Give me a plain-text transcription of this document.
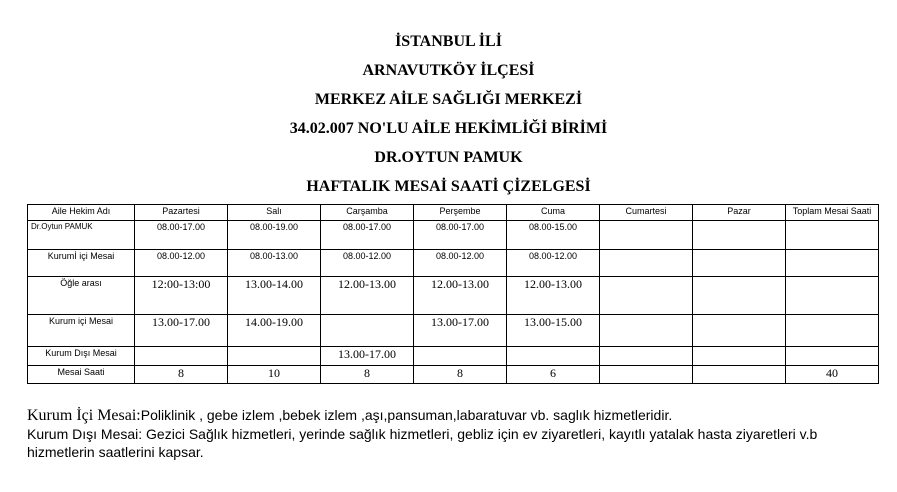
İSTANBUL İLİ
ARNAVUTKÖY İLÇESİ
MERKEZ AİLE SAĞLIĞI MERKEZİ
34.02.007 NO'LU AİLE HEKİMLİĞİ BİRİMİ
DR.OYTUN PAMUK
HAFTALIK MESAİ SAATİ ÇİZELGESİ
Aile Hekim Adı	Pazartesi	Salı	Carşamba	Perşembe	Cuma	Cumartesi	Pazar	Toplam Mesai Saati
Dr.Oytun PAMUK	08.00-17.00	08.00-19.00	08.00-17.00	08.00-17.00	08.00-15.00			
Kurumİ içi Mesai	08.00-12.00	08.00-13.00	08.00-12.00	08.00-12.00	08.00-12.00			
Öğle arası	12:00-13:00	13.00-14.00	12.00-13.00	12.00-13.00	12.00-13.00			
Kurum içi Mesai	13.00-17.00	14.00-19.00		13.00-17.00	13.00-15.00			
Kurum Dışı Mesai			13.00-17.00					
Mesai Saati	8	10	8	8	6			40

Kurum İçi Mesai:Poliklinik , gebe izlem ,bebek izlem ,aşı,pansuman,labaratuvar vb. saglık hizmetleridir.

Kurum Dışı Mesai: Gezici Sağlık hizmetleri, yerinde sağlık hizmetleri, gebliz için ev ziyaretleri, kayıtlı yatalak hasta ziyaretleri v.b hizmetlerin saatlerini kapsar.
